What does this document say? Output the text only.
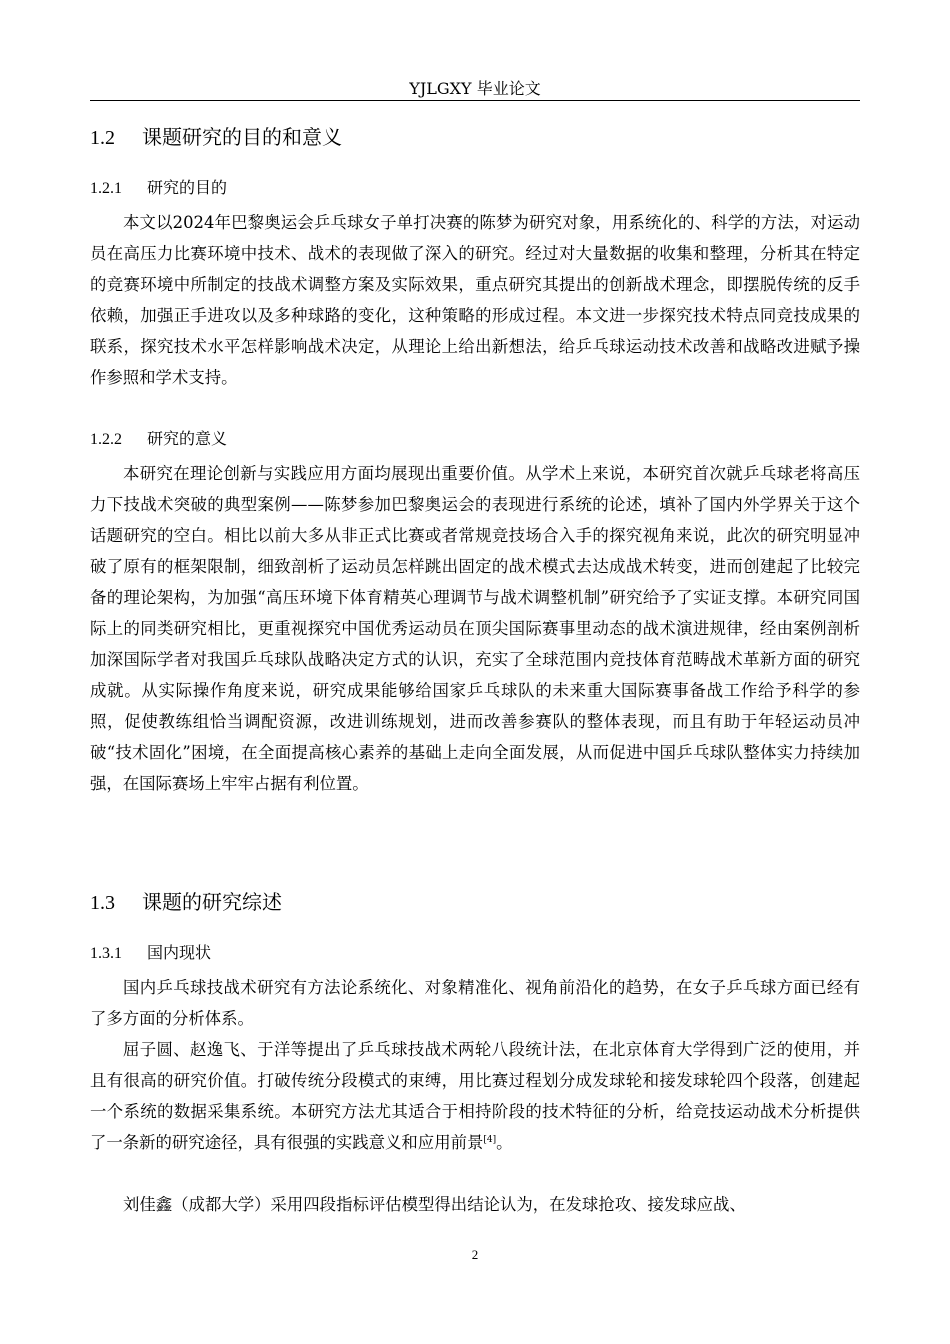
YJLGXY 毕业论文
1.2 课题研究的目的和意义
1.2.1 研究的目的

本文以2024年巴黎奥运会乒乓球女子单打决赛的陈梦为研究对象，用系统化的、科学的方法，对运动员在高压力比赛环境中技术、战术的表现做了深入的研究。经过对大量数据的收集和整理，分析其在特定的竞赛环境中所制定的技战术调整方案及实际效果，重点研究其提出的创新战术理念，即摆脱传统的反手依赖，加强正手进攻以及多种球路的变化，这种策略的形成过程。本文进一步探究技术特点同竞技成果的联系，探究技术水平怎样影响战术决定，从理论上给出新想法，给乒乓球运动技术改善和战略改进赋予操作参照和学术支持。

1.2.2 研究的意义

本研究在理论创新与实践应用方面均展现出重要价值。从学术上来说，本研究首次就乒乓球老将高压力下技战术突破的典型案例——陈梦参加巴黎奥运会的表现进行系统的论述，填补了国内外学界关于这个话题研究的空白。相比以前大多从非正式比赛或者常规竞技场合入手的探究视角来说，此次的研究明显冲破了原有的框架限制，细致剖析了运动员怎样跳出固定的战术模式去达成战术转变，进而创建起了比较完备的理论架构，为加强“高压环境下体育精英心理调节与战术调整机制”研究给予了实证支撑。本研究同国际上的同类研究相比，更重视探究中国优秀运动员在顶尖国际赛事里动态的战术演进规律，经由案例剖析加深国际学者对我国乒乓球队战略决定方式的认识，充实了全球范围内竞技体育范畴战术革新方面的研究成就。从实际操作角度来说，研究成果能够给国家乒乓球队的未来重大国际赛事备战工作给予科学的参照，促使教练组恰当调配资源，改进训练规划，进而改善参赛队的整体表现，而且有助于年轻运动员冲破“技术固化”困境，在全面提高核心素养的基础上走向全面发展，从而促进中国乒乓球队整体实力持续加强，在国际赛场上牢牢占据有利位置。

1.3 课题的研究综述
1.3.1 国内现状

国内乒乓球技战术研究有方法论系统化、对象精准化、视角前沿化的趋势，在女子乒乓球方面已经有了多方面的分析体系。

屈子圆、赵逸飞、于洋等提出了乒乓球技战术两轮八段统计法，在北京体育大学得到广泛的使用，并且有很高的研究价值。打破传统分段模式的束缚，用比赛过程划分成发球轮和接发球轮四个段落，创建起一个系统的数据采集系统。本研究方法尤其适合于相持阶段的技术特征的分析，给竞技运动战术分析提供了一条新的研究途径，具有很强的实践意义和应用前景[4]。

刘佳鑫（成都大学）采用四段指标评估模型得出结论认为，在发球抢攻、接发球应战、

2
